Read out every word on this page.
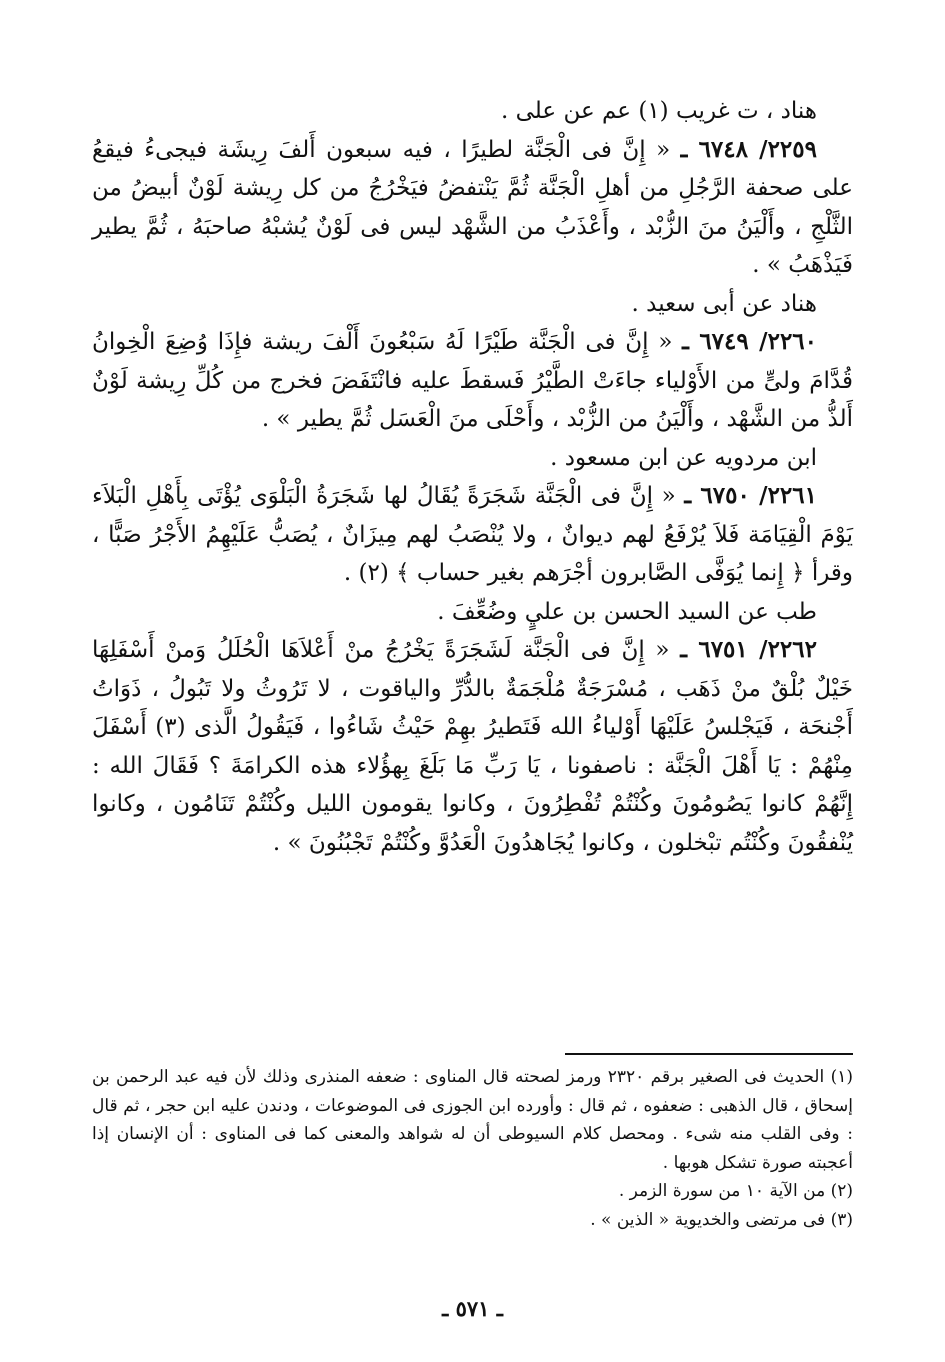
هناد ، ت غريب (١) عم عن على .

٢٢٥٩/ ٦٧٤٨ ـ « إِنَّ فى الْجَنَّة لطيرًا ، فيه سبعون أَلفَ رِيشَة فيجىءُ فيقعُ على صحفة الرَّجُلِ من أهلِ الْجَنَّة ثُمَّ يَنْتفضُ فيَخْرُجُ من كل رِيشة لَوْنٌ أبيضُ من الثَّلْجِ ، وأَلْيَنُ منَ الزُّبْد ، وأَعْذَبُ من الشَّهْد ليس فى لَوْنٌ يُشبْهُ صاحبَهُ ، ثُمَّ يطير فَيَذْهَبُ » .

هناد عن أبى سعيد .

٢٢٦٠/ ٦٧٤٩ ـ « إِنَّ فى الْجَنَّة طَيْرًا لَهُ سَبْعُونَ أَلْفَ ريشة فإِذَا وُضِعَ الْخِوانُ قُدَّامَ ولىٍّ من الأَوْلياء جاءَتْ الطَّيْرُ فَسقطَ عليه فانْتَفَضَ فخرج من كُلِّ رِيشة لَوْنٌ أَلذُّ من الشَّهْد ، وأَلْيَنُ من الزُّبْد ، وأَحْلَى منَ الْعَسَل ثُمَّ يطير » .

ابن مردويه عن ابن مسعود .

٢٢٦١/ ٦٧٥٠ ـ « إِنَّ فى الْجَنَّة شَجَرَةً يُقَالُ لها شَجَرَةُ الْبَلْوَى يُؤْتَى بِأَهْلِ الْبَلاَء يَوْمَ الْقِيَامَة فَلاَ يُرْفَعُ لهم ديوانٌ ، ولا يُنْصَبُ لهم مِيزَانٌ ، يُصَبُّ عَلَيْهِمُ الأَجْرُ صَبًّا ، وقرأ ﴿ إِنما يُوَفَّى الصَّابرون أجْرَهم بغير حساب ﴾ (٢) .

طب عن السيد الحسن بن عليٍ وضُعِّفَ .

٢٢٦٢/ ٦٧٥١ ـ « إِنَّ فى الْجَنَّة لَشَجَرَةً يَخْرُجُ منْ أَعْلاَهَا الْحُلَلُ وَمنْ أَسْفَلِهَا خَيْلٌ بُلْقٌ منْ ذَهَب ، مُسْرَجَةٌ مُلْجَمَةٌ بالدُّرِّ والياقوت ، لا تَرُوثُ ولا تَبُولُ ، ذَوَاتُ أَجْنحَة ، فَيَجْلسُ عَلَيْهَا أَوْلياءُ الله فَتَطيرُ بهِمْ حَيْثُ شَاءُوا ، فَيَقُولُ الَّذى (٣) أَسْفَلَ مِنْهُمْ : يَا أَهْلَ الْجَنَّة : ناصفونا ، يَا رَبِّ مَا بَلَغَ بِهؤُلاء هذه الكرامَةَ ؟ فَقَالَ الله : إِنَّهُمْ كانوا يَصُومُونَ وكُنْتُمْ تُفْطِرُونَ ، وكانوا يقومون الليل وكُنْتُمْ تَنَامُون ، وكانوا يُنْفقُونَ وكُنْتُم تبْخلون ، وكانوا يُجَاهدُونَ الْعَدُوَّ وكُنْتُمْ تَجْبُنُونَ » .

(١) الحديث فى الصغير برقم ٢٣٢٠ ورمز لصحته قال المناوى : ضعفه المنذرى وذلك لأن فيه عبد الرحمن بن إسحاق ، قال الذهبى : ضعفوه ، ثم قال : وأورده ابن الجوزى فى الموضوعات ، ودندن عليه ابن حجر ، ثم قال : وفى القلب منه شىء . ومحصل كلام السيوطى أن له شواهد والمعنى كما فى المناوى : أن الإنسان إذا أعجبته صورة تشكل هوبها .

(٢) من الآية ١٠ من سورة الزمر .

(٣) فى مرتضى والخديوية « الذين » .

ـ ٥٧١ ـ
